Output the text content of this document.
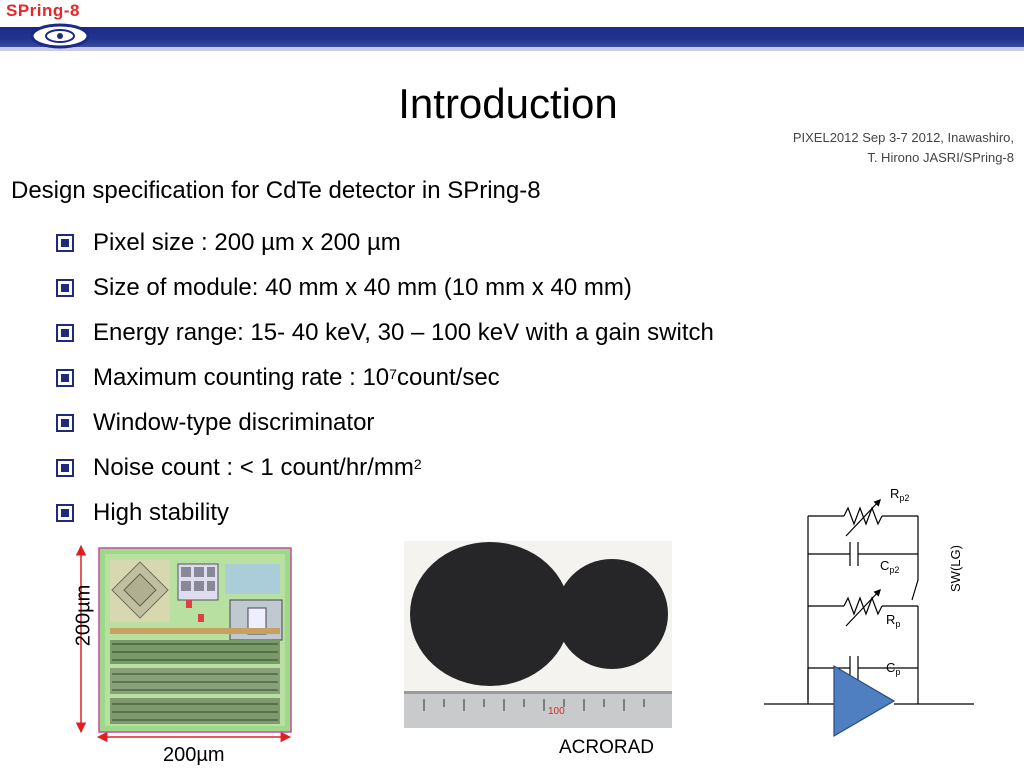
SPring-8
Introduction
PIXEL2012 Sep 3-7 2012, Inawashiro,
T. Hirono JASRI/SPring-8
Design specification for CdTe detector in SPring-8
Pixel size : 200 µm x 200 µm
Size of module: 40 mm x 40 mm (10 mm x 40 mm)
Energy range: 15- 40 keV, 30 – 100 keV with a gain switch
Maximum counting rate : $10^7$ count/sec
Window-type discriminator
Noise count : < 1 count/$hr/mm^2$
High stability
200µm
200µm
100
ACRORAD
$R_{p2}$
$C_{p2}$
$R_p$
$C_p$
SW(LG)
